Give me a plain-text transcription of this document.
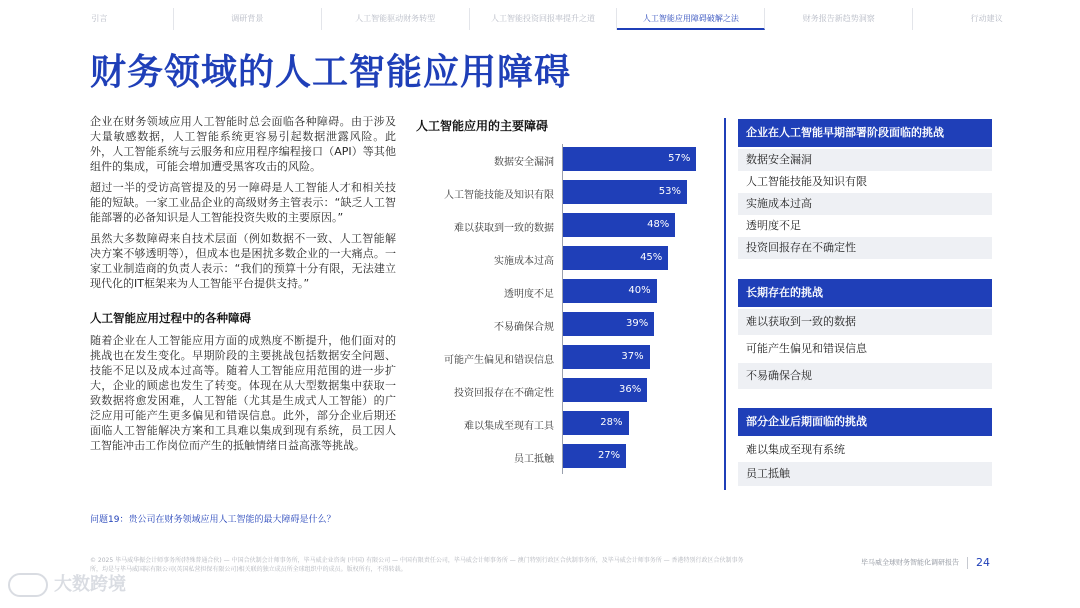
引言	调研背景	人工智能驱动财务转型	人工智能投资回报率提升之道	人工智能应用障碍破解之法	财务报告新趋势洞察	行动建议
财务领域的人工智能应用障碍

企业在财务领域应用人工智能时总会面临各种障碍。由于涉及大量敏感数据，人工智能系统更容易引起数据泄露风险。此外，人工智能系统与云服务和应用程序编程接口（API）等其他组件的集成，可能会增加遭受黑客攻击的风险。

超过一半的受访高管提及的另一障碍是人工智能人才和相关技能的短缺。一家工业品企业的高级财务主管表示：“缺乏人工智能部署的必备知识是人工智能投资失败的主要原因。”

虽然大多数障碍来自技术层面（例如数据不一致、人工智能解决方案不够透明等），但成本也是困扰多数企业的一大痛点。一家工业制造商的负责人表示：“我们的预算十分有限，无法建立现代化的IT框架来为人工智能平台提供支持。”

人工智能应用过程中的各种障碍

随着企业在人工智能应用方面的成熟度不断提升，他们面对的挑战也在发生变化。早期阶段的主要挑战包括数据安全问题、技能不足以及成本过高等。随着人工智能应用范围的进一步扩大，企业的顾虑也发生了转变。体现在从大型数据集中获取一致数据将愈发困难，人工智能（尤其是生成式人工智能）的广泛应用可能产生更多偏见和错误信息。此外，部分企业后期还面临人工智能解决方案和工具难以集成到现有系统，员工因人工智能冲击工作岗位而产生的抵触情绪日益高涨等挑战。

人工智能应用的主要障碍
数据安全漏洞	57%
人工智能技能及知识有限	53%
难以获取到一致的数据	48%
实施成本过高	45%
透明度不足	40%
不易确保合规	39%
可能产生偏见和错误信息	37%
投资回报存在不确定性	36%
难以集成至现有工具	28%
员工抵触	27%
企业在人工智能早期部署阶段面临的挑战
数据安全漏洞
人工智能技能及知识有限
实施成本过高
透明度不足
投资回报存在不确定性
长期存在的挑战
难以获取到一致的数据
可能产生偏见和错误信息
不易确保合规
部分企业后期面临的挑战
难以集成至现有系统
员工抵触
问题19：贵公司在财务领域应用人工智能的最大障碍是什么？
© 2025 毕马威华振会计师事务所(特殊普通合伙) — 中国合伙制会计师事务所，毕马威企业咨询 (中国) 有限公司 — 中国有限责任公司，毕马威会计师事务所 — 澳门特别行政区合伙制事务所，及毕马威会计师事务所 — 香港特别行政区合伙制事务所，均是与毕马威国际有限公司(英国私营担保有限公司)相关联的独立成员所全球组织中的成员。版权所有，不得转载。
毕马威全球财务智能化调研报告 24
大数跨境
